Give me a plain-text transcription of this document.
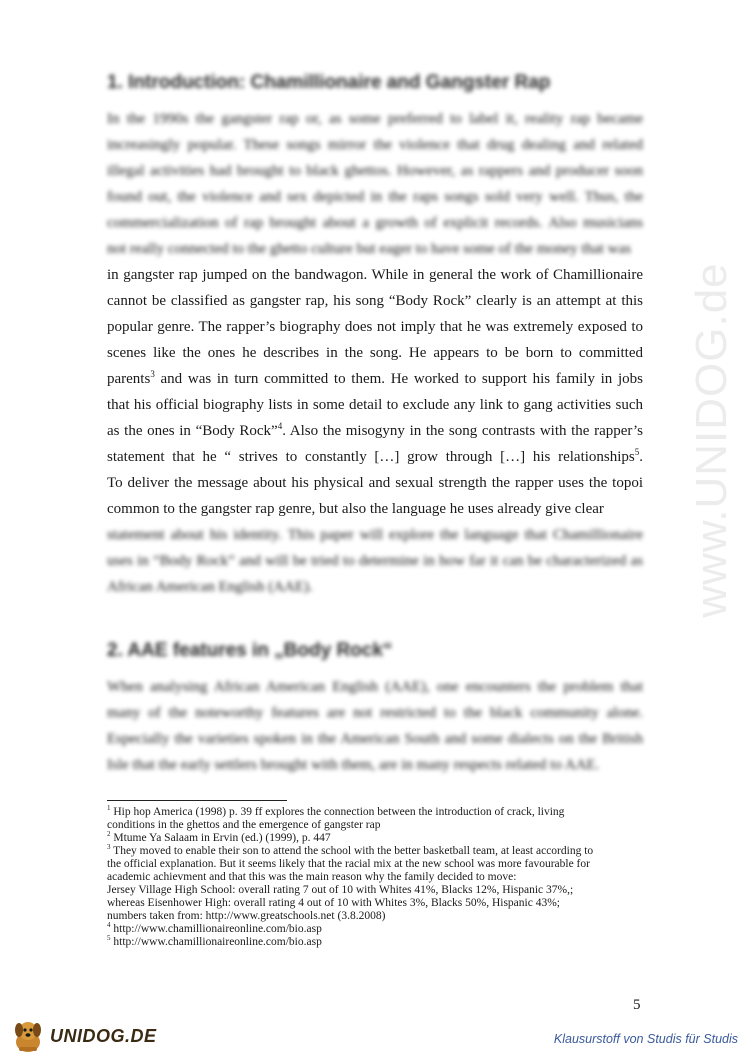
www.UNIDOG.de
1. Introduction: Chamillionaire and Gangster Rap
In the 1990s the gangster rap or, as some preferred to label it, reality rap became
increasingly popular. These songs mirror the violence that drug dealing and related
illegal activities had brought to black ghettos. However, as rappers and producer soon
found out, the violence and sex depicted in the raps songs sold very well. Thus, the
commercialization of rap brought about a growth of explicit records. Also musicians
not really connected to the ghetto culture but eager to have some of the money that was
in gangster rap jumped on the bandwagon. While in general the work of Chamillionaire
cannot be classified as gangster rap, his song “Body Rock” clearly is an attempt at this
popular genre. The rapper’s biography does not imply that he was extremely exposed to
scenes like the ones he describes in the song. He appears to be born to committed
parents$^3$ and was in turn committed to them. He worked to support his family in jobs
that his official biography lists in some detail to exclude any link to gang activities such
as the ones in “Body Rock”$^4$. Also the misogyny in the song contrasts with the rapper’s
statement that he “ strives to constantly […] grow through […] his relationships$^5$.
To deliver the message about his physical and sexual strength the rapper uses the topoi
common to the gangster rap genre, but also the language he uses already give clear
statement about his identity. This paper will explore the language that Chamillionaire
uses in “Body Rock” and will be tried to determine in how far it can be characterized as
African American English (AAE).
2. AAE features in „Body Rock“
When analysing African American English (AAE), one encounters the problem that
many of the noteworthy features are not restricted to the black community alone.
Especially the varieties spoken in the American South and some dialects on the British
Isle that the early settlers brought with them, are in many respects related to AAE.
$^1$ Hip hop America (1998) p. 39 ff explores the connection between the introduction of crack, living
conditions in the ghettos and the emergence of gangster rap
$^2$ Mtume Ya Salaam in Ervin (ed.) (1999), p. 447
$^3$ They moved to enable their son to attend the school with the better basketball team, at least according to
the official explanation. But it seems likely that the racial mix at the new school was more favourable for
academic achievment and that this was the main reason why the family decided to move:
Jersey Village High School: overall rating 7 out of 10 with Whites 41%, Blacks 12%, Hispanic 37%,;
whereas Eisenhower High: overall rating 4 out of 10 with Whites 3%, Blacks 50%, Hispanic 43%;
numbers taken from: http://www.greatschools.net (3.8.2008)
$^4$ http://www.chamillionaireonline.com/bio.asp
$^5$ http://www.chamillionaireonline.com/bio.asp
5
UNIDOG.DE	Klausurstoff von Studis für Studis
